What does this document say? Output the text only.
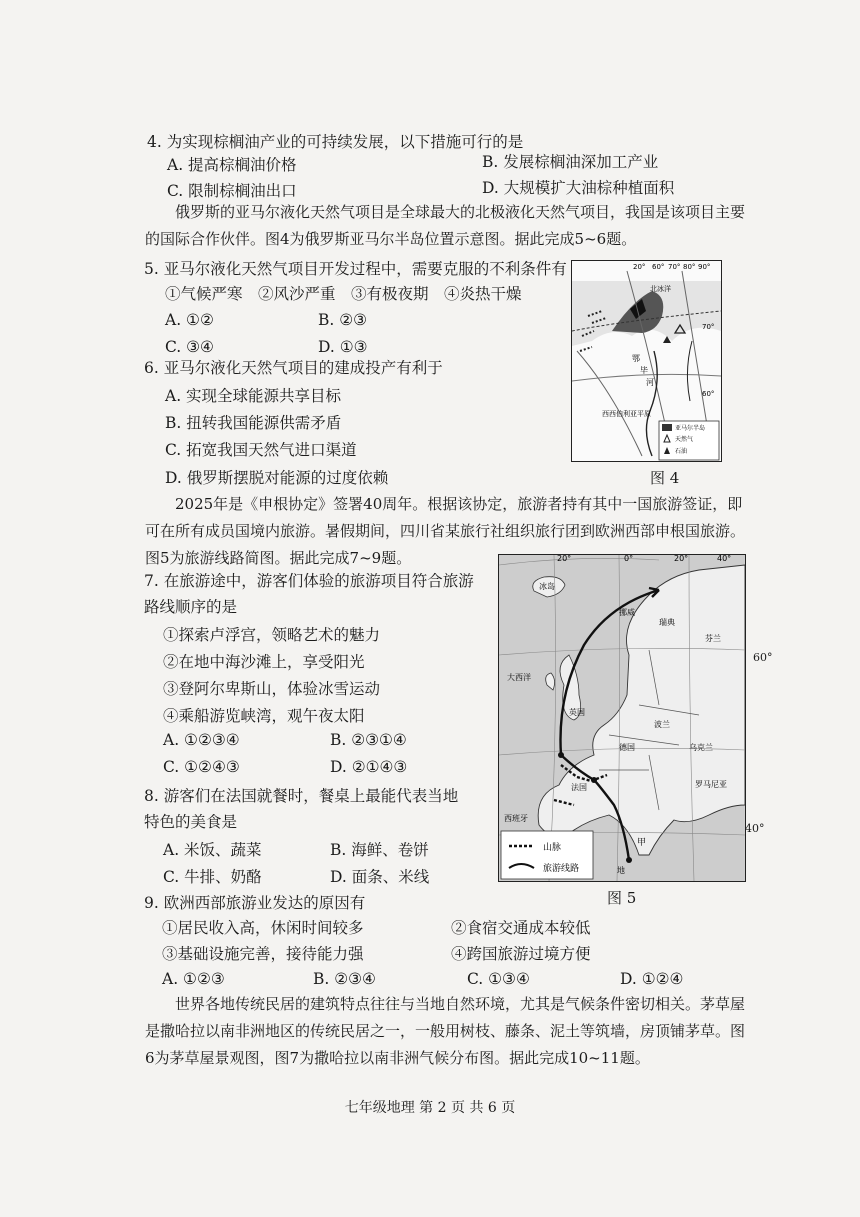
4. 为实现棕榈油产业的可持续发展，以下措施可行的是
A. 提高棕榈油价格	B. 发展棕榈油深加工产业
C. 限制棕榈油出口	D. 大规模扩大油棕种植面积
俄罗斯的亚马尔液化天然气项目是全球最大的北极液化天然气项目，我国是该项目主要的国际合作伙伴。图4为俄罗斯亚马尔半岛位置示意图。据此完成5~6题。
5. 亚马尔液化天然气项目开发过程中，需要克服的不利条件有
①气候严寒　②风沙严重　③有极夜期　④炎热干燥
A. ①②	B. ②③
C. ③④	D. ①③
6. 亚马尔液化天然气项目的建成投产有利于
A. 实现全球能源共享目标
B. 扭转我国能源供需矛盾
C. 拓宽我国天然气进口渠道
D. 俄罗斯摆脱对能源的过度依赖
20° 60° 70° 80° 90°
70°
60°
北冰洋
鄂
毕
河
西西伯利亚平原
亚马尔半岛
天然气
石油
图 4
2025年是《申根协定》签署40周年。根据该协定，旅游者持有其中一国旅游签证，即可在所有成员国境内旅游。暑假期间，四川省某旅行社组织旅行团到欧洲西部申根国旅游。图5为旅游线路简图。据此完成7~9题。
7. 在旅游途中，游客们体验的旅游项目符合旅游
路线顺序的是
①探索卢浮宫，领略艺术的魅力
②在地中海沙滩上，享受阳光
③登阿尔卑斯山，体验冰雪运动
④乘船游览峡湾，观午夜太阳
A. ①②③④	B. ②③①④
C. ①②④③	D. ②①④③
8. 游客们在法国就餐时，餐桌上最能代表当地
特色的美食是
A. 米饭、蔬菜	B. 海鲜、卷饼
C. 牛排、奶酪	D. 面条、米线
20°	0°	20°	40°
冰岛
挪威
瑞典
芬兰
大西洋
英国
波兰
德国
法国
乌克兰
罗马尼亚
西班牙
甲
地
山脉
旅游线路
60°
40°
图 5
9. 欧洲西部旅游业发达的原因有
①居民收入高，休闲时间较多	②食宿交通成本较低
③基础设施完善，接待能力强	④跨国旅游过境方便
A. ①②③	B. ②③④	C. ①③④	D. ①②④
世界各地传统民居的建筑特点往往与当地自然环境，尤其是气候条件密切相关。茅草屋是撒哈拉以南非洲地区的传统民居之一，一般用树枝、藤条、泥土等筑墙，房顶铺茅草。图6为茅草屋景观图，图7为撒哈拉以南非洲气候分布图。据此完成10~11题。
七年级地理 第 2 页 共 6 页
